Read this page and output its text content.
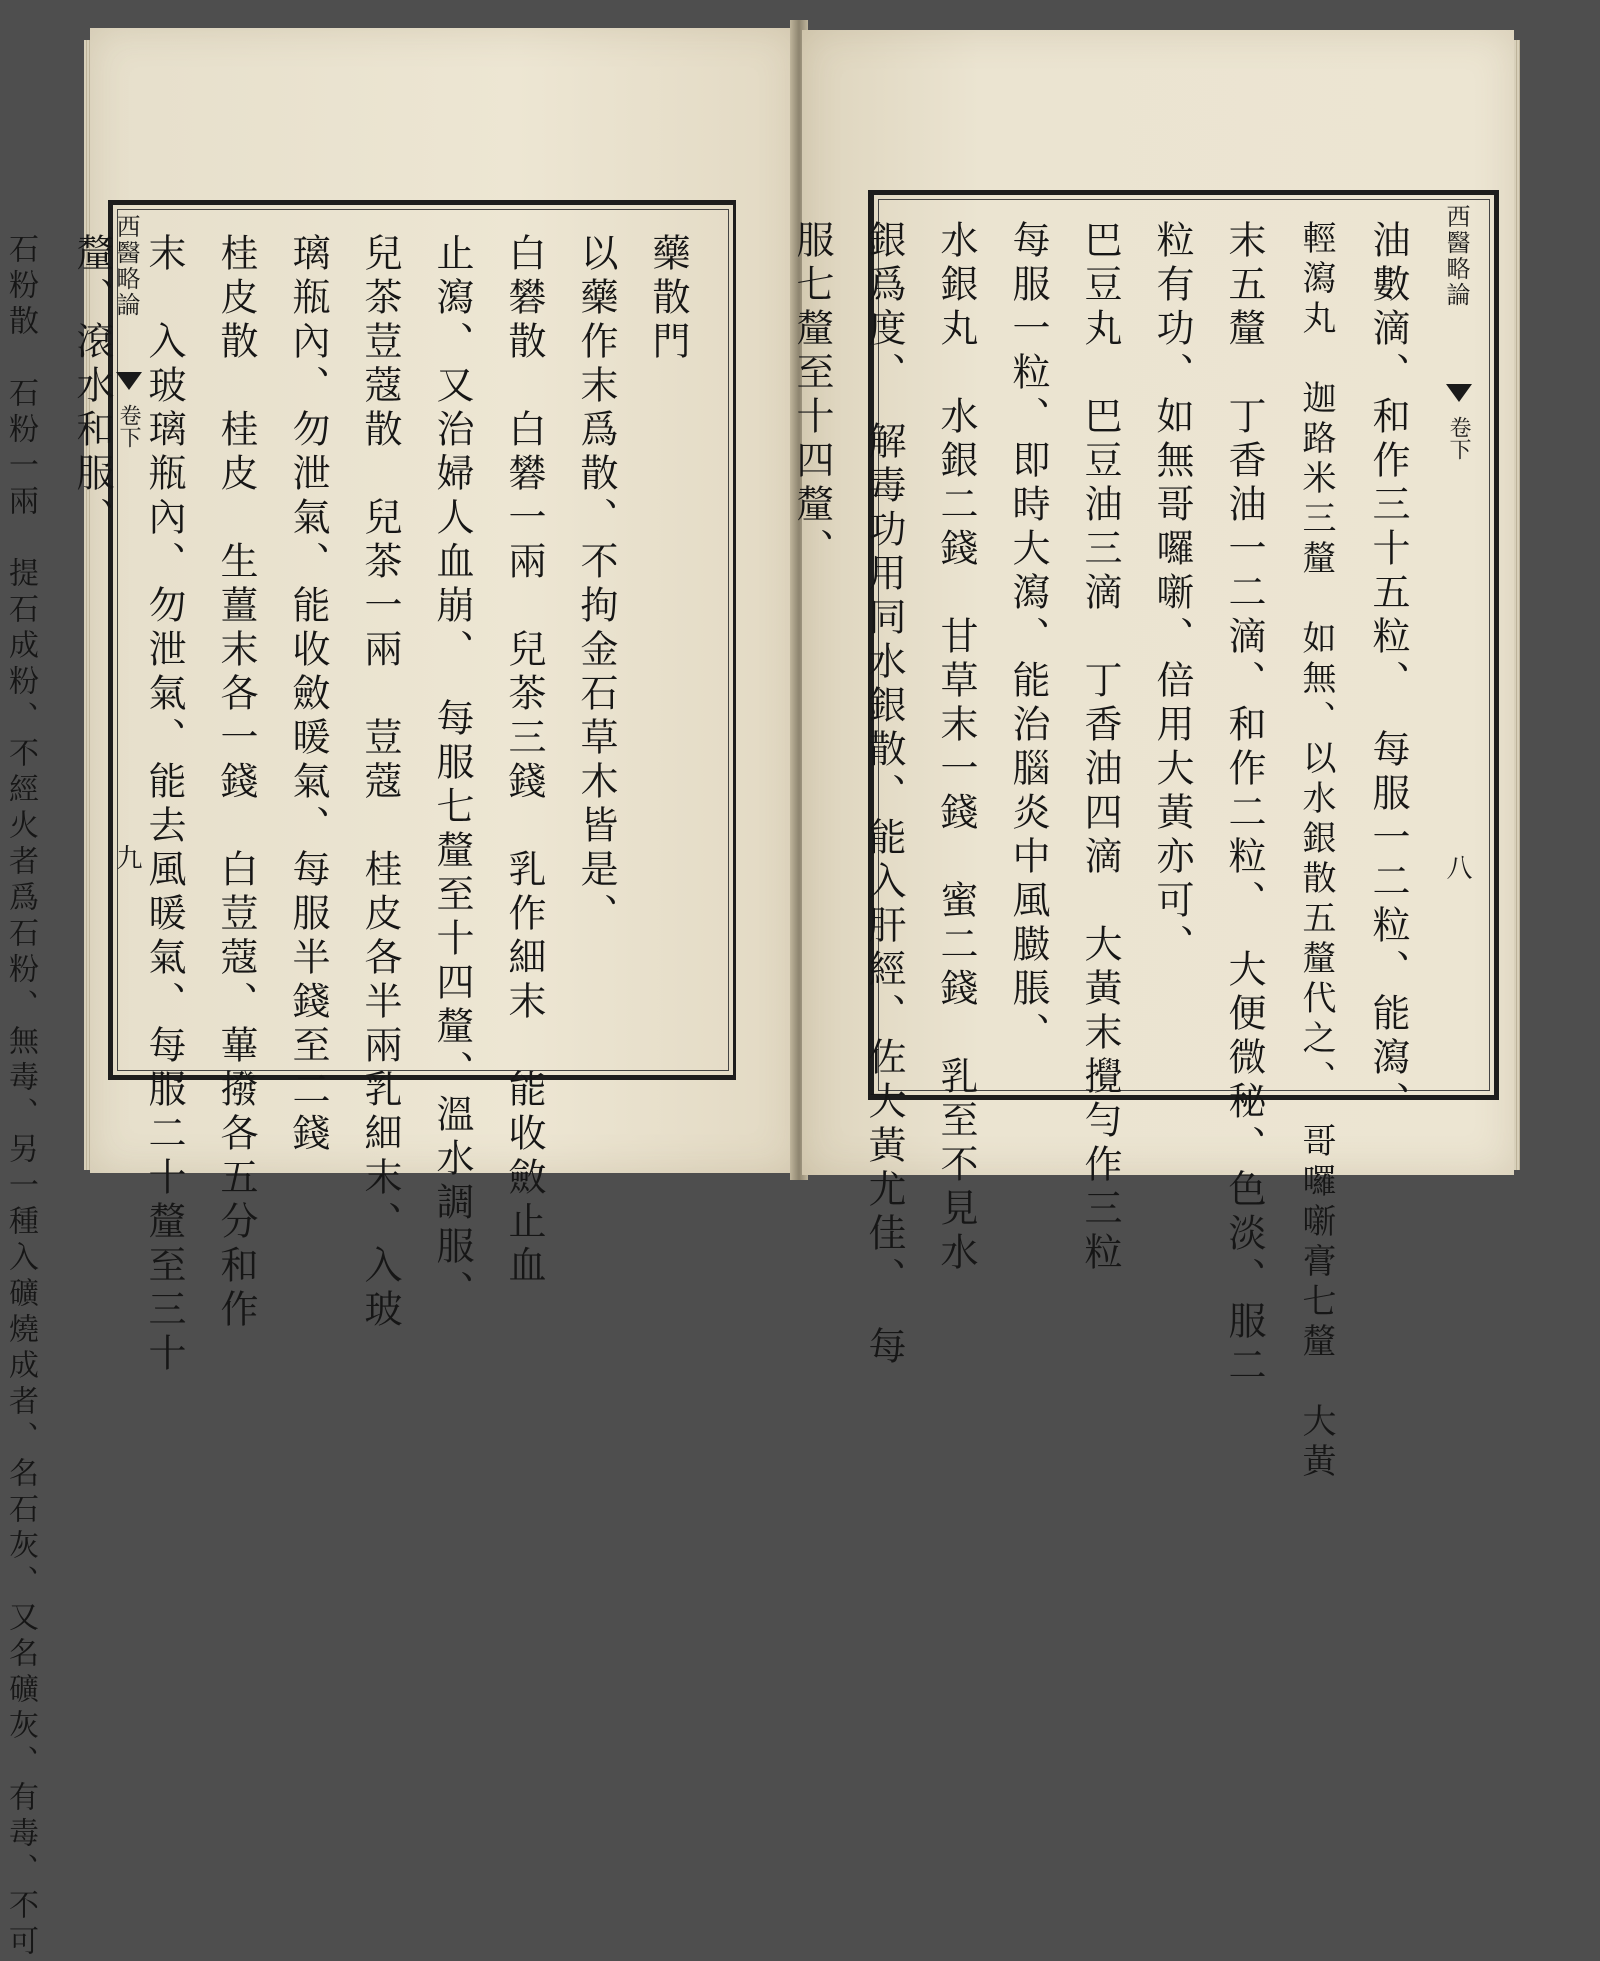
西醫略論
卷下
九
藥散門
以藥作末爲散、不拘金石草木皆是、
白礬散　白礬一兩　兒茶三錢　乳作細末　能收斂止血
止瀉、又治婦人血崩、　每服七釐至十四釐、溫水調服、
兒茶荳蔻散　兒茶一兩　荳蔻　桂皮各半兩乳細末、入玻
璃瓶內、勿泄氣、能收斂暖氣、每服半錢至二錢
桂皮散　桂皮　生薑末各一錢　白荳蔻、蓽撥各五分和作
末　入玻璃瓶內、勿泄氣、能去風暖氣、每服二十釐至三十
釐、滾水和服、
石粉散　石粉一兩　提石成粉、不經火者爲石粉、無毒、另一種入礦燒成者、名石灰、又名礦灰、有毒、不可	西醫略論
卷下
八
油數滴、和作三十五粒、　每服一二粒、能瀉、
輕瀉丸　迦路米三釐　如無、以水銀散五釐代之、　哥囉噺膏七釐　大黃
末五釐　丁香油一二滴、和作二粒、　大便微秘、色淡、服二
粒有功、如無哥囉噺、倍用大黃亦可、
巴豆丸　巴豆油三滴　丁香油四滴　大黃末攪勻作三粒
每服一粒、即時大瀉、能治腦炎中風臌脹、
水銀丸　水銀二錢　甘草末一錢　蜜二錢　乳至不見水
銀爲度、　解毒功用同水銀散、能入肝經、佐大黃尤佳、　每
服七釐至十四釐、
